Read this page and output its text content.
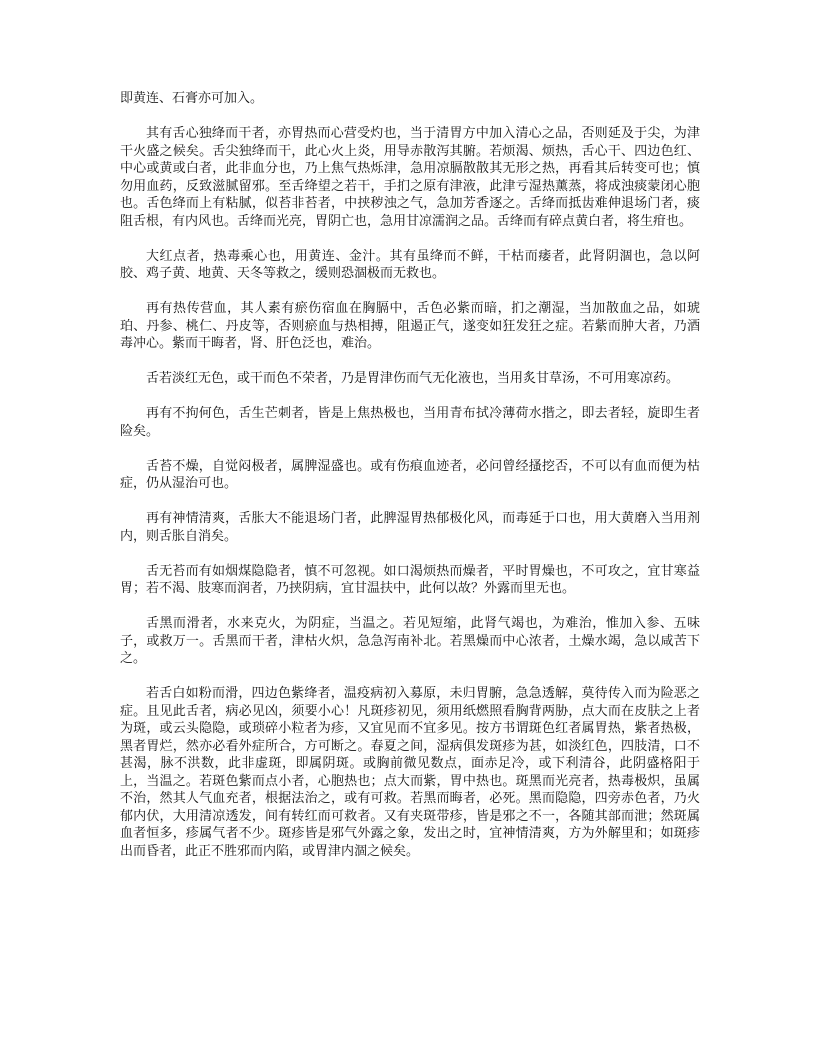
即黄连、石膏亦可加入。

其有舌心独绛而干者，亦胃热而心营受灼也，当于清胃方中加入清心之品，否则延及于尖，为津干火盛之候矣。舌尖独绛而干，此心火上炎，用导赤散泻其腑。若烦渴、烦热，舌心干、四边色红、中心或黄或白者，此非血分也，乃上焦气热烁津，急用凉膈散散其无形之热，再看其后转变可也；慎勿用血药，反致滋腻留邪。至舌绛望之若干，手扪之原有津液，此津亏湿热薰蒸，将成浊痰蒙闭心胞也。舌色绛而上有粘腻，似苔非苔者，中挟秽浊之气，急加芳香逐之。舌绛而抵齿难伸退场门者，痰阻舌根，有内风也。舌绛而光亮，胃阴亡也，急用甘凉濡润之品。舌绛而有碎点黄白者，将生疳也。

大红点者，热毒乘心也，用黄连、金汁。其有虽绛而不鲜，干枯而痿者，此肾阴涸也，急以阿胶、鸡子黄、地黄、天冬等救之，缓则恐涸极而无救也。

再有热传营血，其人素有瘀伤宿血在胸膈中，舌色必紫而暗，扪之潮湿，当加散血之品，如琥珀、丹参、桃仁、丹皮等，否则瘀血与热相搏，阻遏正气，遂变如狂发狂之症。若紫而肿大者，乃酒毒冲心。紫而干晦者，肾、肝色泛也，难治。

舌若淡红无色，或干而色不荣者，乃是胃津伤而气无化液也，当用炙甘草汤，不可用寒凉药。

再有不拘何色，舌生芒刺者，皆是上焦热极也，当用青布拭冷薄荷水揩之，即去者轻，旋即生者险矣。

舌苔不燥，自觉闷极者，属脾湿盛也。或有伤痕血迹者，必问曾经搔挖否，不可以有血而便为枯症，仍从湿治可也。

再有神情清爽，舌胀大不能退场门者，此脾湿胃热郁极化风，而毒延于口也，用大黄磨入当用剂内，则舌胀自消矣。

舌无苔而有如烟煤隐隐者，慎不可忽视。如口渴烦热而燥者，平时胃燥也，不可攻之，宜甘寒益胃；若不渴、肢寒而润者，乃挟阴病，宜甘温扶中，此何以故？外露而里无也。

舌黑而滑者，水来克火，为阴症，当温之。若见短缩，此肾气竭也，为难治，惟加入参、五味子，或救万一。舌黑而干者，津枯火炽，急急泻南补北。若黑燥而中心浓者，土燥水竭，急以咸苦下之。

若舌白如粉而滑，四边色紫绛者，温疫病初入募原，未归胃腑，急急透解，莫待传入而为险恶之症。且见此舌者，病必见凶，须要小心！凡斑疹初见，须用纸燃照看胸背两胁，点大而在皮肤之上者为斑，或云头隐隐，或琐碎小粒者为疹，又宜见而不宜多见。按方书谓斑色红者属胃热，紫者热极，黑者胃烂，然亦必看外症所合，方可断之。春夏之间，湿病俱发斑疹为甚，如淡红色，四肢清，口不甚渴，脉不洪数，此非虚斑，即属阴斑。或胸前微见数点，面赤足冷，或下利清谷，此阴盛格阳于上，当温之。若斑色紫而点小者，心胞热也；点大而紫，胃中热也。斑黑而光亮者，热毒极炽，虽属不治，然其人气血充者，根据法治之，或有可救。若黑而晦者，必死。黑而隐隐，四旁赤色者，乃火郁内伏，大用清凉透发，间有转红而可救者。又有夹斑带疹，皆是邪之不一，各随其部而泄；然斑属血者恒多，疹属气者不少。斑疹皆是邪气外露之象，发出之时，宜神情清爽，方为外解里和；如斑疹出而昏者，此正不胜邪而内陷，或胃津内涸之候矣。
